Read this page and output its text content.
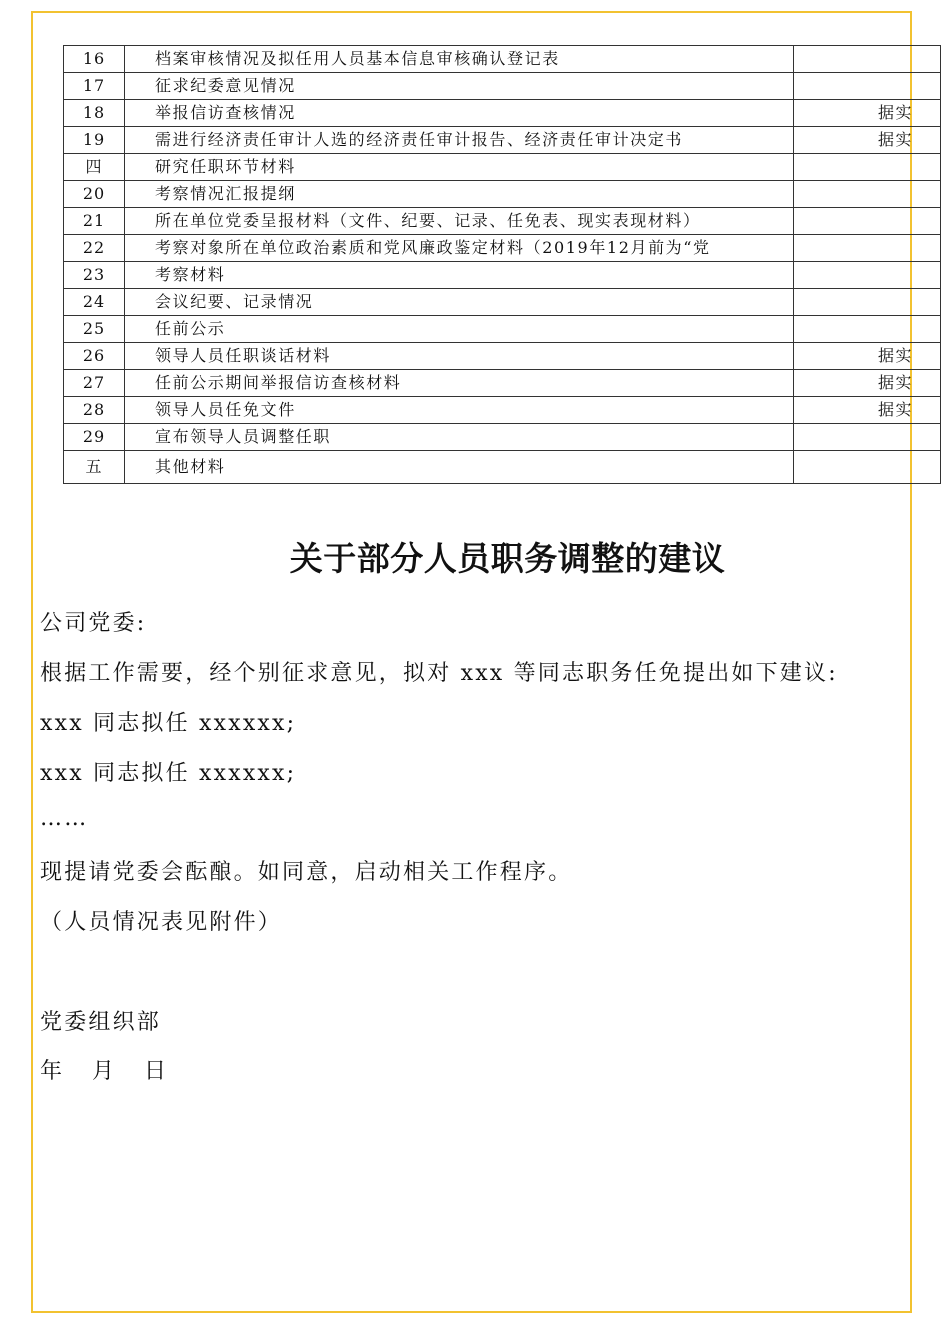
16	档案审核情况及拟任用人员基本信息审核确认登记表	
17	征求纪委意见情况	
18	举报信访查核情况	据实
19	需进行经济责任审计人选的经济责任审计报告、经济责任审计决定书	据实
四	研究任职环节材料	
20	考察情况汇报提纲	
21	所在单位党委呈报材料（文件、纪要、记录、任免表、现实表现材料）	
22	考察对象所在单位政治素质和党风廉政鉴定材料（2019年12月前为“党	
23	考察材料	
24	会议纪要、记录情况	
25	任前公示	
26	领导人员任职谈话材料	据实
27	任前公示期间举报信访查核材料	据实
28	领导人员任免文件	据实
29	宣布领导人员调整任职	
五	其他材料	
关于部分人员职务调整的建议
公司党委:
根据工作需要，经个别征求意见，拟对 xxx 等同志职务任免提出如下建议:
xxx 同志拟任 xxxxxx;
xxx 同志拟任 xxxxxx;
……
现提请党委会酝酿。如同意，启动相关工作程序。
（人员情况表见附件）
党委组织部
年　月　日
